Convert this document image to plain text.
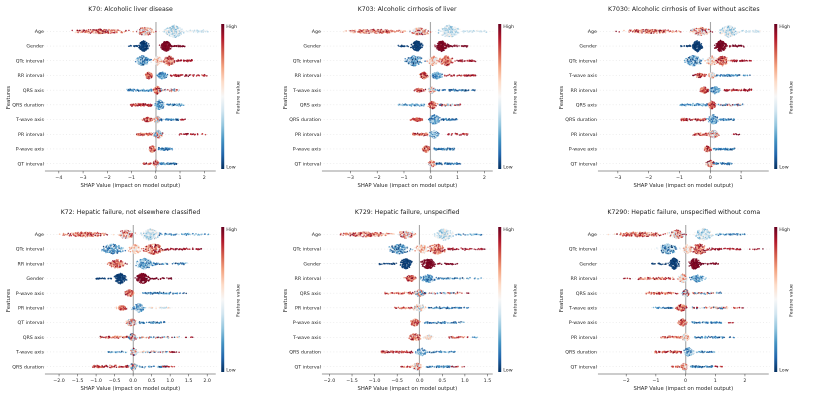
K70: Alcoholic liver disease
−4	−3	−2	−1	0	1	2
SHAP Value (impact on model output)
Age
Gender
QTc interval
RR interval
QRS axis
QRS duration
T-wave axis
PR interval
P-wave axis
QT interval
Features
High
Low
Feature value
K703: Alcoholic cirrhosis of liver
−3	−2	−1	0	1	2
SHAP Value (impact on model output)
Age
Gender
QTc interval
RR interval
T-wave axis
QRS axis
QRS duration
PR interval
P-wave axis
QT interval
Features
High
Low
Feature value
K7030: Alcoholic cirrhosis of liver without ascites
−3	−2	−1	0	1
SHAP Value (impact on model output)
Age
Gender
QTc interval
T-wave axis
RR interval
QRS axis
QRS duration
PR interval
P-wave axis
QT interval
Features
High
Low
Feature value
K72: Hepatic failure, not elsewhere classified
−2.0 −1.5 −1.0 −0.5 0.0 0.5 1.0 1.5 2.0
SHAP Value (impact on model output)
Age
QTc interval
RR interval
Gender
P-wave axis
PR interval
QT interval
QRS axis
T-wave axis
QRS duration
Features
High
Low
Feature value
K729: Hepatic failure, unspecified
−2.0 −1.5 −1.0 −0.5	0.0	0.5	1.0	1.5
SHAP Value (impact on model output)
Age
QTc interval
Gender
RR interval
QRS axis
PR interval
P-wave axis
T-wave axis
QRS duration
QT interval
Features
High
Low
Feature value
K7290: Hepatic failure, unspecified without coma
−2	−1	0	1	2
SHAP Value (impact on model output)
Age
QTc interval
Gender
RR interval
QRS axis
T-wave axis
P-wave axis
PR interval
QRS duration
QT interval
Features
High
Low
Feature value
